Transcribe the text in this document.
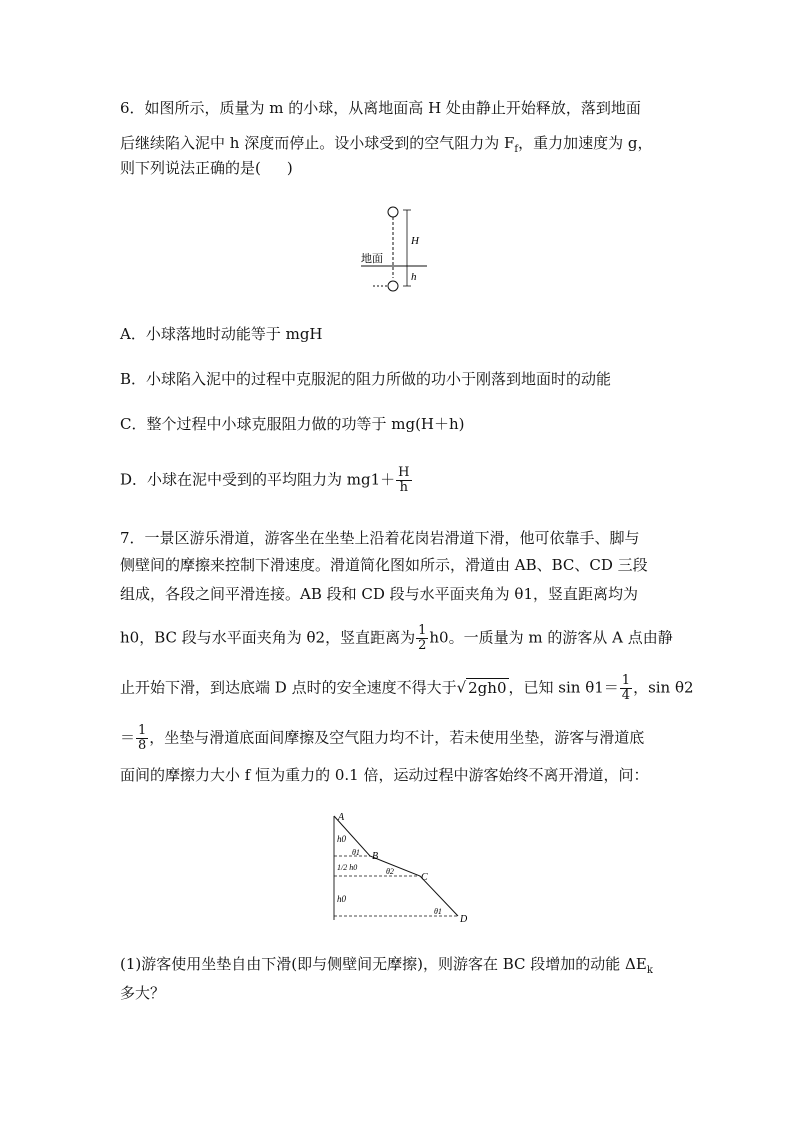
6．如图所示，质量为 m 的小球，从离地面高 H 处由静止开始释放，落到地面
后继续陷入泥中 h 深度而停止。设小球受到的空气阻力为 $F_f$，重力加速度为 g，
则下列说法正确的是( )
H
地面
h
A．小球落地时动能等于 mgH
B．小球陷入泥中的过程中克服泥的阻力所做的功小于刚落到地面时的动能
C．整个过程中小球克服阻力做的功等于 mg(H＋h)
D．小球在泥中受到的平均阻力为 $mg1+ \frac{H}{h}$
7．一景区游乐滑道，游客坐在坐垫上沿着花岗岩滑道下滑，他可依靠手、脚与
侧壁间的摩擦来控制下滑速度。滑道简化图如所示，滑道由 AB、BC、CD 三段
组成，各段之间平滑连接。AB 段和 CD 段与水平面夹角为 θ1，竖直距离均为
h0，BC 段与水平面夹角为 θ2，竖直距离为 $\frac{1}{2} h0$。一质量为 m 的游客从 A 点由静
止开始下滑，到达底端 D 点时的安全速度不得大于√ 2gh0 ，已知 $\sin \theta 1= \frac{1}{4}$ ，sin θ2
＝ $\frac{1}{8}$ ，坐垫与滑道底面间摩擦及空气阻力均不计，若未使用坐垫，游客与滑道底
面间的摩擦力大小 f 恒为重力的 0.1 倍，运动过程中游客始终不离开滑道，问：
A
B
C
D
h0
1/2 h0
h0
θ1
θ2
θ1
(1)游客使用坐垫自由下滑(即与侧壁间无摩擦)，则游客在 BC 段增加的动能 $\Delta E_k$
多大？
